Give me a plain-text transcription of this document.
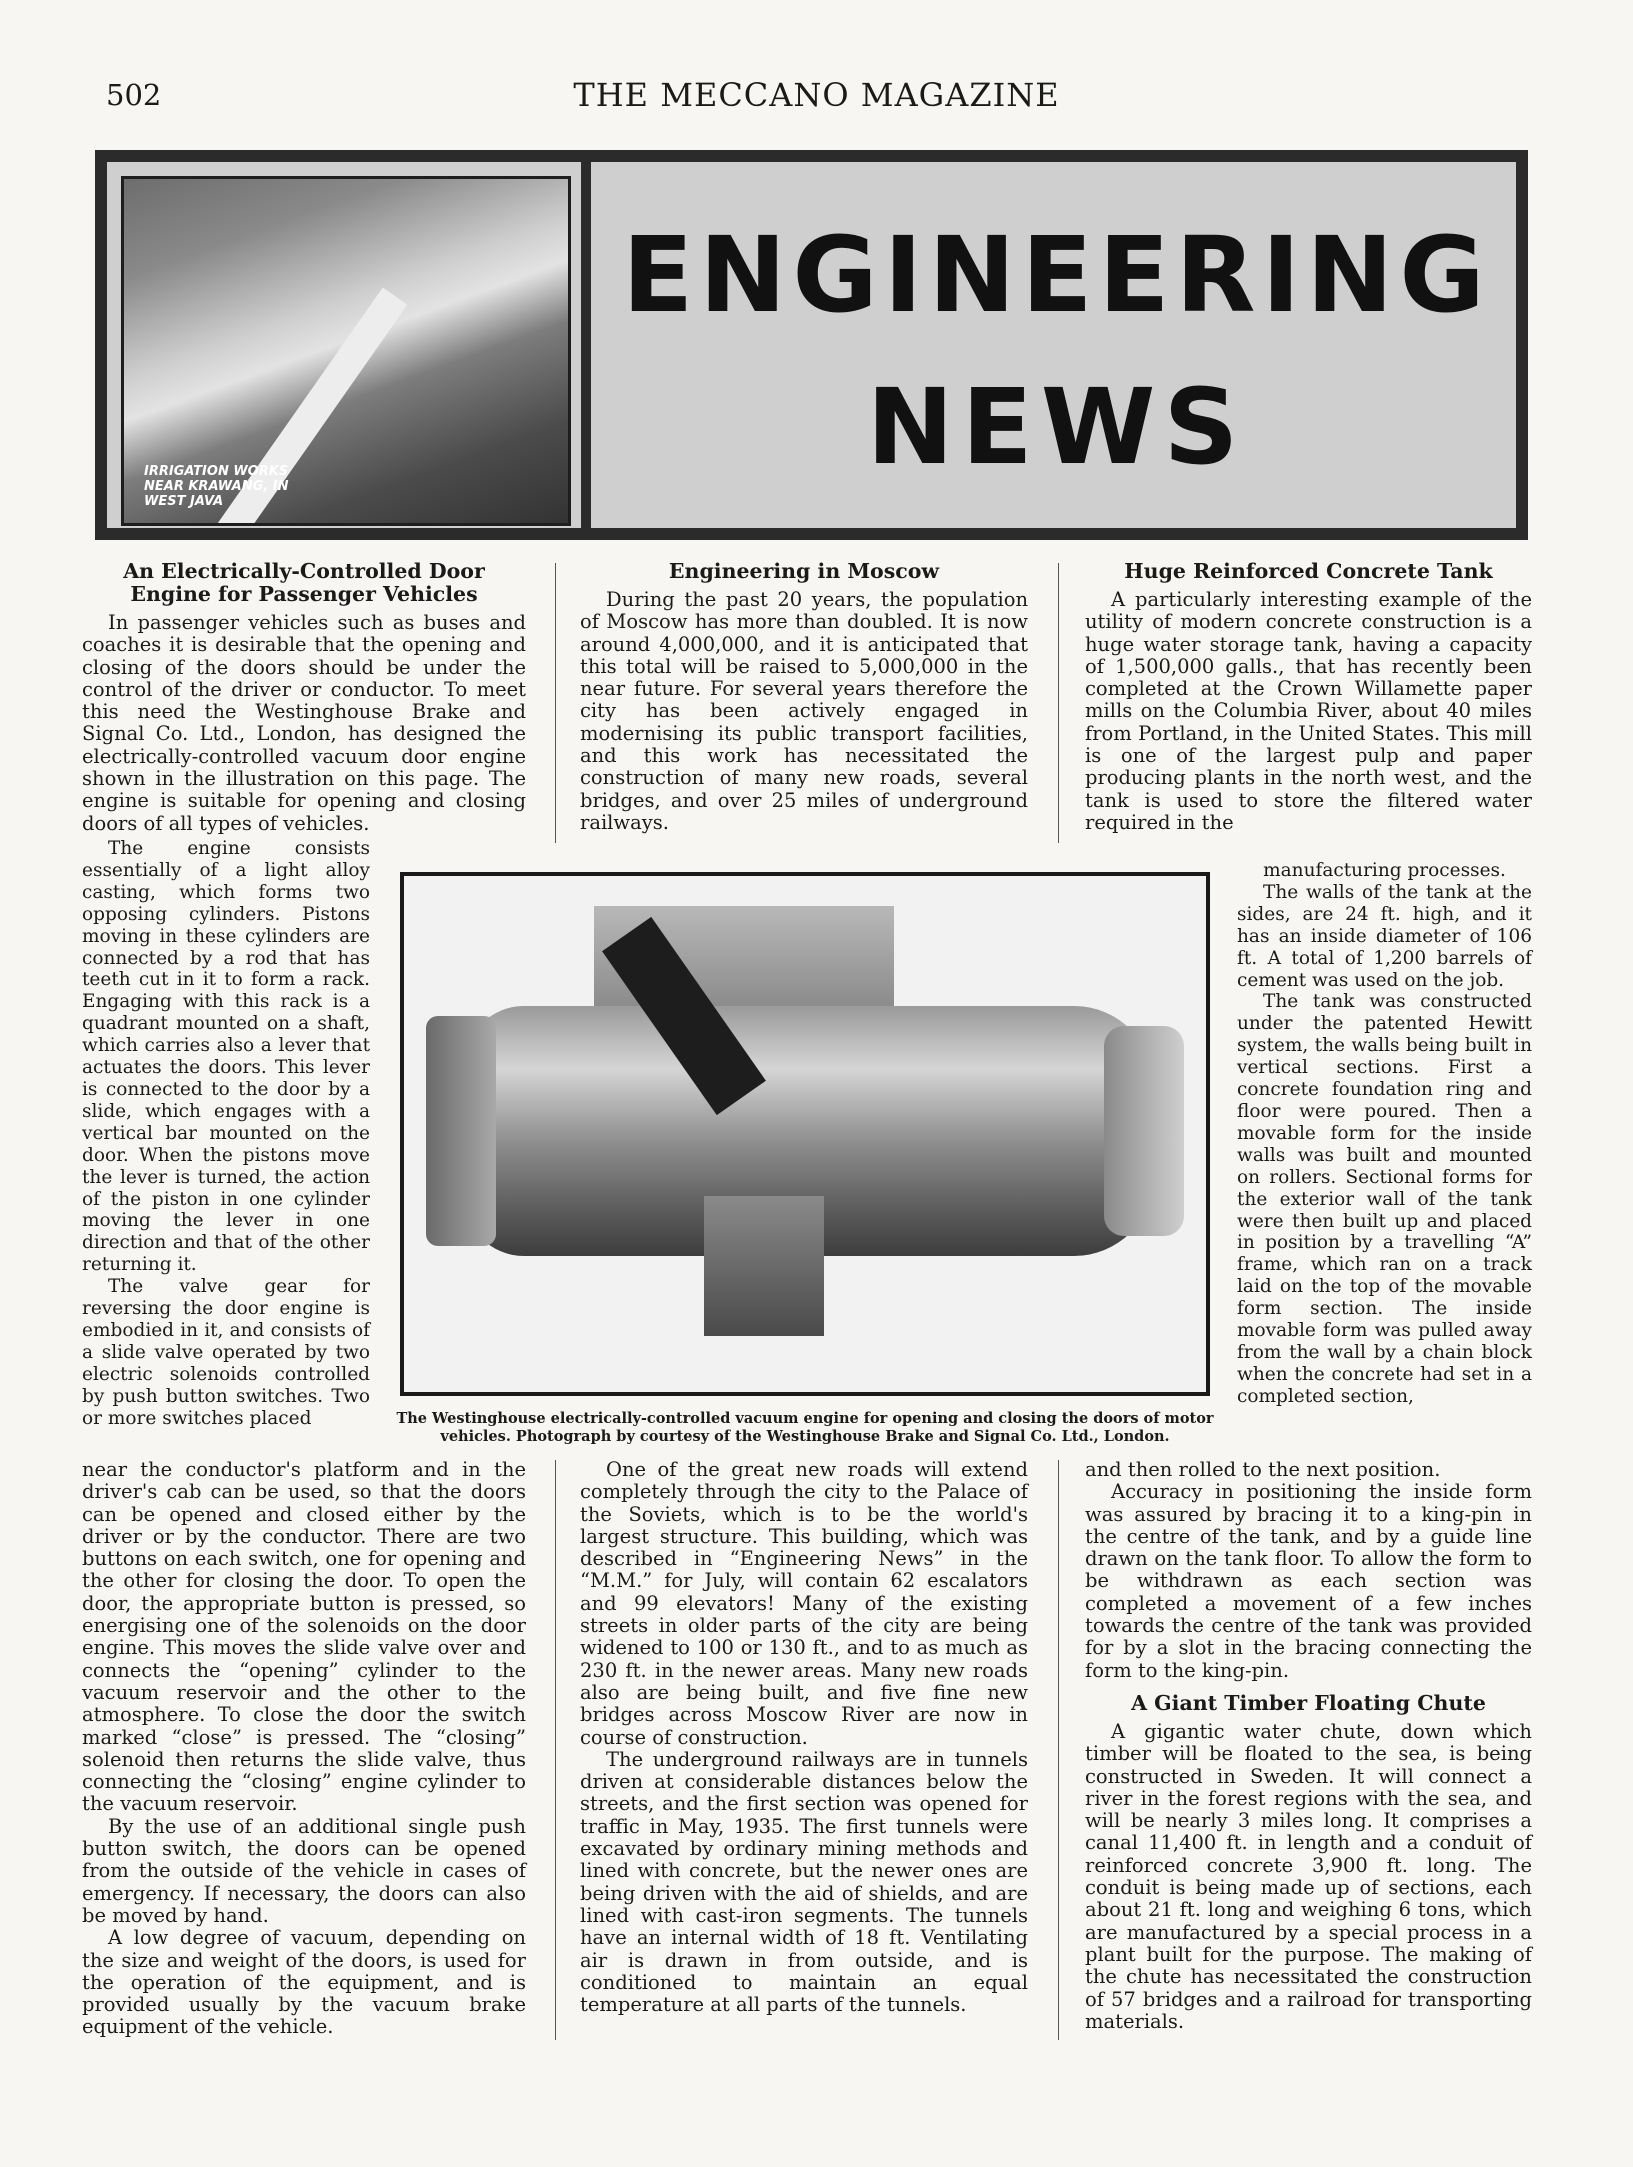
502	THE MECCANO MAGAZINE
IRRIGATION WORKS
NEAR KRAWANG, IN
WEST JAVA
ENGINEERING
NEWS
An Electrically-Controlled Door Engine for Passenger Vehicles

In passenger vehicles such as buses and coaches it is desirable that the opening and closing of the doors should be under the control of the driver or conductor. To meet this need the Westinghouse Brake and Signal Co. Ltd., London, has designed the electrically-controlled vacuum door engine shown in the illustration on this page. The engine is suitable for opening and closing doors of all types of vehicles.

The engine consists essentially of a light alloy casting, which forms two opposing cylinders. Pistons moving in these cylinders are connected by a rod that has teeth cut in it to form a rack. Engaging with this rack is a quadrant mounted on a shaft, which carries also a lever that actuates the doors. This lever is connected to the door by a slide, which engages with a vertical bar mounted on the door. When the pistons move the lever is turned, the action of the piston in one cylinder moving the lever in one direction and that of the other returning it.

The valve gear for reversing the door engine is embodied in it, and consists of a slide valve operated by two electric solenoids controlled by push button switches. Two or more switches placed

near the conductor's platform and in the driver's cab can be used, so that the doors can be opened and closed either by the driver or by the conductor. There are two buttons on each switch, one for opening and the other for closing the door. To open the door, the appropriate button is pressed, so energising one of the solenoids on the door engine. This moves the slide valve over and connects the “opening” cylinder to the vacuum reservoir and the other to the atmosphere. To close the door the switch marked “close” is pressed. The “closing” solenoid then returns the slide valve, thus connecting the “closing” engine cylinder to the vacuum reservoir.

By the use of an additional single push button switch, the doors can be opened from the outside of the vehicle in cases of emergency. If necessary, the doors can also be moved by hand.

A low degree of vacuum, depending on the size and weight of the doors, is used for the operation of the equipment, and is provided usually by the vacuum brake equipment of the vehicle.

Engineering in Moscow

During the past 20 years, the population of Moscow has more than doubled. It is now around 4,000,000, and it is anticipated that this total will be raised to 5,000,000 in the near future. For several years therefore the city has been actively engaged in modernising its public transport facilities, and this work has necessitated the construction of many new roads, several bridges, and over 25 miles of underground railways.

One of the great new roads will extend completely through the city to the Palace of the Soviets, which is to be the world's largest structure. This building, which was described in “Engineering News” in the “M.M.” for July, will contain 62 escalators and 99 elevators! Many of the existing streets in older parts of the city are being widened to 100 or 130 ft., and to as much as 230 ft. in the newer areas. Many new roads also are being built, and five fine new bridges across Moscow River are now in course of construction.

The underground railways are in tunnels driven at considerable distances below the streets, and the first section was opened for traffic in May, 1935. The first tunnels were excavated by ordinary mining methods and lined with concrete, but the newer ones are being driven with the aid of shields, and are lined with cast-iron segments. The tunnels have an internal width of 18 ft. Ventilating air is drawn in from outside, and is conditioned to maintain an equal temperature at all parts of the tunnels.

Huge Reinforced Concrete Tank

A particularly interesting example of the utility of modern concrete construction is a huge water storage tank, having a capacity of 1,500,000 galls., that has recently been completed at the Crown Willamette paper mills on the Columbia River, about 40 miles from Portland, in the United States. This mill is one of the largest pulp and paper producing plants in the north west, and the tank is used to store the filtered water required in the

manufacturing processes.

The walls of the tank at the sides, are 24 ft. high, and it has an inside diameter of 106 ft. A total of 1,200 barrels of cement was used on the job.

The tank was constructed under the patented Hewitt system, the walls being built in vertical sections. First a concrete foundation ring and floor were poured. Then a movable form for the inside walls was built and mounted on rollers. Sectional forms for the exterior wall of the tank were then built up and placed in position by a travelling “A” frame, which ran on a track laid on the top of the movable form section. The inside movable form was pulled away from the wall by a chain block when the concrete had set in a completed section,

and then rolled to the next position.

Accuracy in positioning the inside form was assured by bracing it to a king-pin in the centre of the tank, and by a guide line drawn on the tank floor. To allow the form to be withdrawn as each section was completed a movement of a few inches towards the centre of the tank was provided for by a slot in the bracing connecting the form to the king-pin.

A Giant Timber Floating Chute

A gigantic water chute, down which timber will be floated to the sea, is being constructed in Sweden. It will connect a river in the forest regions with the sea, and will be nearly 3 miles long. It comprises a canal 11,400 ft. in length and a conduit of reinforced concrete 3,900 ft. long. The conduit is being made up of sections, each about 21 ft. long and weighing 6 tons, which are manufactured by a special process in a plant built for the purpose. The making of the chute has necessitated the construction of 57 bridges and a railroad for transporting materials.

The Westinghouse electrically-controlled vacuum engine for opening and closing the doors of motor vehicles. Photograph by courtesy of the Westinghouse Brake and Signal Co. Ltd., London.
